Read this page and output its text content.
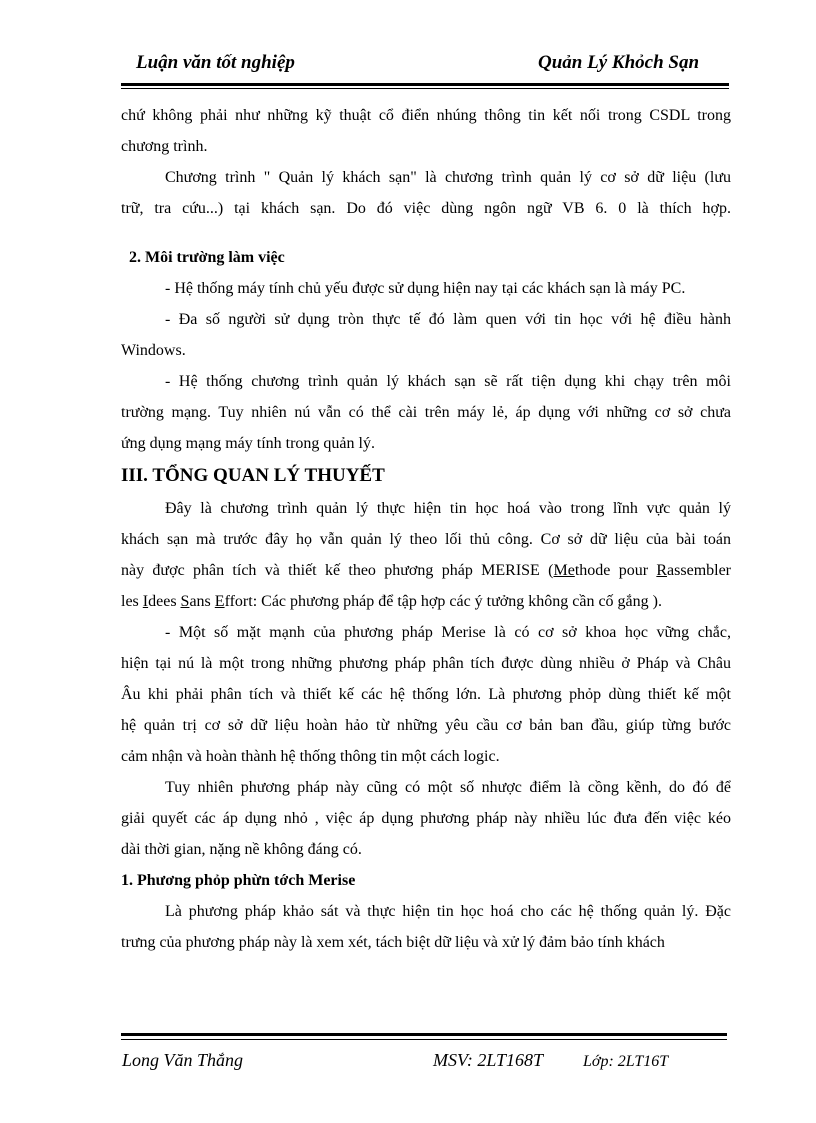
Luận văn tốt nghiệp	Quản Lý Khỏch Sạn
chứ không phải như những kỹ thuật cổ điển nhúng thông tin kết nối trong CSDL trong
chương trình.
Chương trình " Quản lý khách sạn" là chương trình quản lý cơ sở dữ liệu (lưu
trữ, tra cứu...) tại khách sạn. Do đó việc dùng ngôn ngữ VB 6. 0 là thích hợp.
2. Môi trường làm việc
- Hệ thống máy tính chủ yếu được sử dụng hiện nay tại các khách sạn là máy PC.
- Đa số người sử dụng tròn thực tế đó làm quen với tin học với hệ điều hành
Windows.
- Hệ thống chương trình quản lý khách sạn sẽ rất tiện dụng khi chạy trên môi
trường mạng. Tuy nhiên nú vẫn có thể cài trên máy lẻ, áp dụng với những cơ sở chưa
ứng dụng mạng máy tính trong quản lý.
III. TỔNG QUAN LÝ THUYẾT
Đây là chương trình quản lý thực hiện tin học hoá vào trong lĩnh vực quản lý
khách sạn mà trước đây họ vẫn quản lý theo lối thủ công. Cơ sở dữ liệu của bài toán
này được phân tích và thiết kế theo phương pháp MERISE (Methode pour Rassembler
les Idees Sans Effort: Các phương pháp để tập hợp các ý tưởng không cần cố gắng ).
- Một số mặt mạnh của phương pháp Merise là có cơ sở khoa học vững chắc,
hiện tại nú là một trong những phương pháp phân tích được dùng nhiều ở Pháp và Châu
Âu khi phải phân tích và thiết kế các hệ thống lớn. Là phương phỏp dùng thiết kế một
hệ quản trị cơ sở dữ liệu hoàn hảo từ những yêu cầu cơ bản ban đầu, giúp từng bước
cảm nhận và hoàn thành hệ thống thông tin một cách logic.
Tuy nhiên phương pháp này cũng có một số nhược điểm là cồng kềnh, do đó để
giải quyết các áp dụng nhỏ , việc áp dụng phương pháp này nhiều lúc đưa đến việc kéo
dài thời gian, nặng nề không đáng có.
1. Phương phỏp phừn tớch Merise
Là phương pháp khảo sát và thực hiện tin học hoá cho các hệ thống quản lý. Đặc
trưng của phương pháp này là xem xét, tách biệt dữ liệu và xử lý đảm bảo tính khách
Long Văn Thắng	MSV: 2LT168T	Lớp: 2LT16T
